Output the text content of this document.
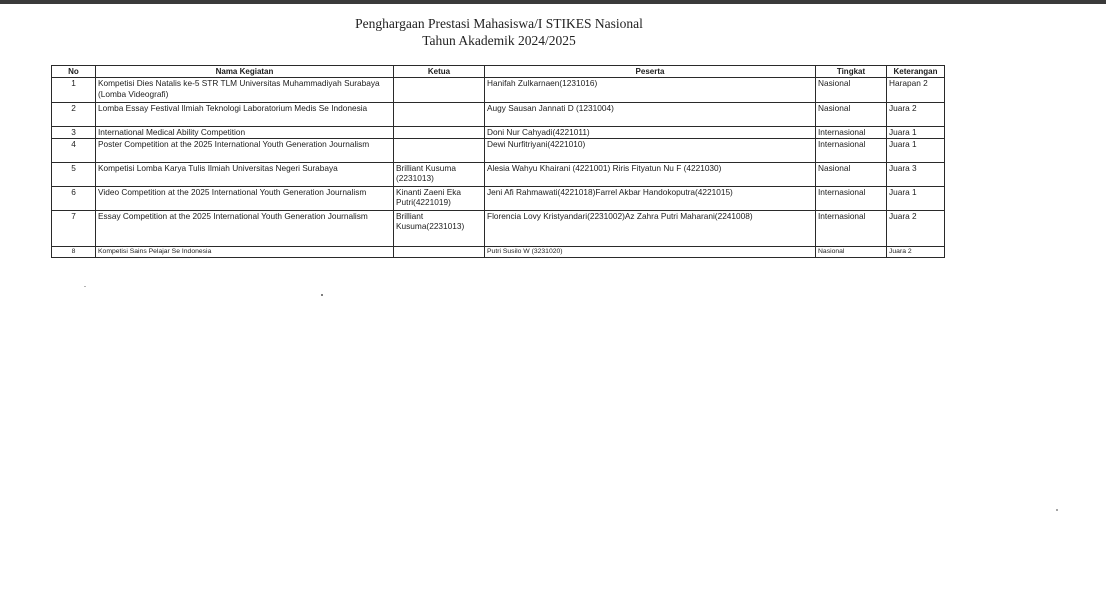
Penghargaan Prestasi Mahasiswa/I STIKES Nasional
Tahun Akademik 2024/2025
No	Nama Kegiatan	Ketua	Peserta	Tingkat	Keterangan
1	Kompetisi Dies Natalis ke-5 STR TLM Universitas Muhammadiyah Surabaya (Lomba Videografi)		Hanifah Zulkarnaen(1231016)	Nasional	Harapan 2
2	Lomba Essay Festival Ilmiah Teknologi Laboratorium Medis Se Indonesia		Augy Sausan Jannati D (1231004)	Nasional	Juara 2
3	International Medical Ability Competition		Doni Nur Cahyadi(4221011)	Internasional	Juara 1
4	Poster Competition at the 2025 International Youth Generation Journalism		Dewi Nurfitriyani(4221010)	Internasional	Juara 1
5	Kompetisi Lomba Karya Tulis Ilmiah Universitas Negeri Surabaya	Brilliant Kusuma (2231013)	Alesia Wahyu Khairani (4221001) Riris Fityatun Nu F (4221030)	Nasional	Juara 3
6	Video Competition at the 2025 International Youth Generation Journalism	Kinanti Zaeni Eka Putri(4221019)	Jeni Afi Rahmawati(4221018)Farrel Akbar Handokoputra(4221015)	Internasional	Juara 1
7	Essay Competition at the 2025 International Youth Generation Journalism	Brilliant Kusuma(2231013)	Florencia Lovy Kristyandari(2231002)Az Zahra Putri Maharani(2241008)	Internasional	Juara 2
8	Kompetisi Sains Pelajar Se Indonesia		Putri Susilo W (3231020)	Nasional	Juara 2
